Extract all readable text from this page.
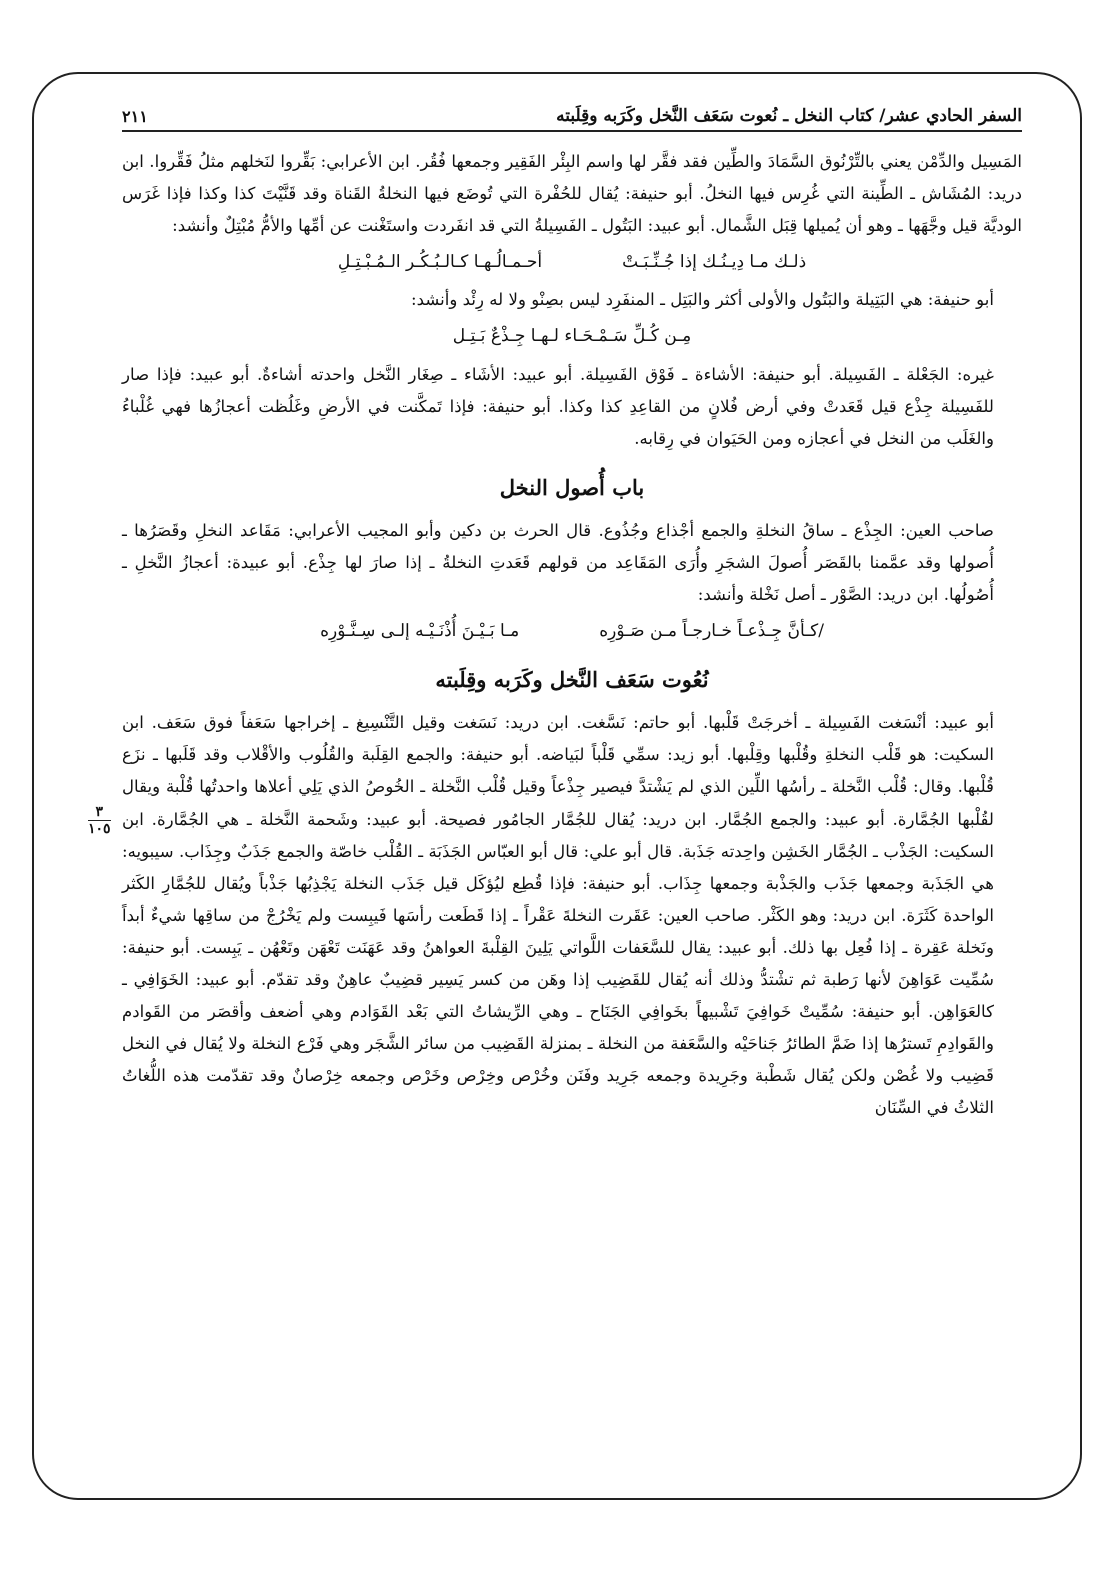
السفر الحادي عشر/ كتاب النخل ـ نُعوت سَعَف النَّخل وكَرَبه وقِلَبته
٢١١

المَسِيل والدِّمْن يعني بالتِّرْنُوق السَّمَادَ والطِّين فقد فقَّر لها واسم البِئْر الفَقِير وجمعها فُقُر. ابن الأعرابي: بَقِّروا لنَخلهم مثلُ فَقِّروا. ابن دريد: المُشَاش ـ الطِّينة التي غُرِس فيها النخلُ. أبو حنيفة: يُقال للحُفْرة التي تُوضَع فيها النخلةُ القَناة وقد قَنَّيْتَ كذا وكذا فإذا غَرَس الوديَّة قيل وجَّهَها ـ وهو أن يُميلها قِبَل الشَّمال. أبو عبيد: البَتُول ـ الفَسِيلةُ التي قد انفَردت واستَغْنت عن أمِّها والأمُّ مُبْتِلٌ وأنشد:

ذلـك مـا دِيـنُـك إذا جُـنِّـبَـتْ
أحـمـالُـهـا كـالـبُـكُـر الـمُـبْـتِـلِ

أبو حنيفة: هي البَتِيلة والبَتُول والأولى أكثر والبَتِل ـ المنفَرِد ليس بصِنْو ولا له رِئْد وأنشد:

مِـن كُـلِّ سَـمْـحَـاء لـهـا جِـذْعٌ بَـتِـل

غيره: الجَعْلة ـ الفَسِيلة. أبو حنيفة: الأشاءة ـ فَوْق الفَسِيلة. أبو عبيد: الأشَاء ـ صِغَار النَّخل واحدته أشاءةٌ. أبو عبيد: فإذا صار للفَسِيلة جِذْع قيل قَعَدتْ وفي أرض فُلانٍ من القاعِدِ كذا وكذا. أبو حنيفة: فإذا تَمكَّنت في الأرضِ وغَلُظت أعجازُها فهي غُلْباءُ والغَلَب من النخل في أعجازه ومن الحَيَوان في رِقابه.

باب أُصول النخل

صاحب العين: الجِذْع ـ ساقُ النخلةِ والجمع أجْذاع وجُذُوع. قال الحرث بن دكين وأبو المجيب الأعرابي: مَقَاعد النخلِ وقَصَرُها ـ أُصولها وقد عمَّمنا بالقَصَر أُصولَ الشجَرِ وأُرَى المَقَاعِد من قولهم قَعَدتِ النخلةُ ـ إذا صارَ لها جِذْع. أبو عبيدة: أعجازُ النَّخلِ ـ أُصُولُها. ابن دريد: الصَّوْر ـ أصل نَخْلة وأنشد:

/كـأنَّ جِـذْعـاً خـارجـاً مـن صَـوْرِه
مـا بَـيْـنَ أُذْنَـيْـه إلـى سِـنَّـوْرِه
نُعُوت سَعَف النَّخل وكَرَبه وقِلَبته

أبو عبيد: أنْسَغت الفَسِيلة ـ أخرجَتْ قَلْبها. أبو حاتم: نَسَّغت. ابن دريد: نَسَغت وقيل التَّنْسِيغ ـ إخراجها سَعَفاً فوق سَعَف. ابن السكيت: هو قَلْب النخلةِ وقُلْبها وقِلْبها. أبو زيد: سمِّي قَلْباً لبَياضه. أبو حنيفة: والجمع القِلَبة والقُلُوب والأقْلاب وقد قَلَبها ـ نزَع قُلْبها. وقال: قُلْب النَّخلة ـ رأسُها اللِّين الذي لم يَشْتدَّ فيصير جِذْعاً وقيل قُلْب النَّخلة ـ الخُوصُ الذي يَلِي أعلاها واحدتُها قُلْبة ويقال لقُلْبها الجُمَّارة. أبو عبيد: والجمع الجُمَّار. ابن دريد: يُقال للجُمَّار الجامُور فصيحة. أبو عبيد: وشَحمة النَّخلة ـ هي الجُمَّارة. ابن السكيت: الجَذْب ـ الجُمَّار الخَشِن واحِدته جَذَبة. قال أبو علي: قال أبو العبّاس الجَذَبَة ـ القُلْب خاصّة والجمع جَذَبٌ وجِذَاب. سيبويه: هي الجَذَبة وجمعها جَذَب والجَذْبة وجمعها جِذَاب. أبو حنيفة: فإذا قُطِع ليُؤكَل قيل جَذَب النخلة يَجْذِبُها جَذْباً ويُقال للجُمَّارِ الكَثر الواحدة كَثَرَة. ابن دريد: وهو الكَثْر. صاحب العين: عَقَرت النخلةَ عَقْراً ـ إذا قَطَعت رأسَها فَيبِست ولم يَخْرُجْ من ساقِها شيءٌ أبداً ونَخلة عَقِرة ـ إذا فُعِل بها ذلك. أبو عبيد: يقال للسَّعَفات اللَّواتي يَلِينَ القِلْبةَ العواهنُ وقد عَهَنَت تَعْهَن وتَعْهُن ـ يَبِست. أبو حنيفة: سُمِّيت عَوَاهِنَ لأنها رَطبة ثم تشْتدُّ وذلك أنه يُقال للقَضِيب إذا وهَن من كسر يَسِير قضِيبٌ عاهِنٌ وقد تقدّم. أبو عبيد: الخَوَافِي ـ كالعَوَاهِن. أبو حنيفة: سُمِّيتْ خَوافِيَ تَشْبيهاً بخَوافِي الجَنَاح ـ وهي الرِّيشاتُ التي بَعْد القَوَادم وهي أضعف وأقصَر من القَوادم والقَوادِمِ تَسترُها إذا ضَمَّ الطائرُ جَناحَيْه والسَّعَفة من النخلة ـ بمنزلة القَضِيب من سائر الشَّجَر وهي فَرْع النخلة ولا يُقال في النخل قَضِيب ولا غُصْن ولكن يُقال شَطْبة وجَرِيدة وجمعه جَرِيد وفَنَن وخُرْص وخِرْص وخَرْص وجمعه خِرْصانٌ وقد تقدّمت هذه اللُّغاتُ الثلاثُ في السِّنَان

٣
١٠٥
